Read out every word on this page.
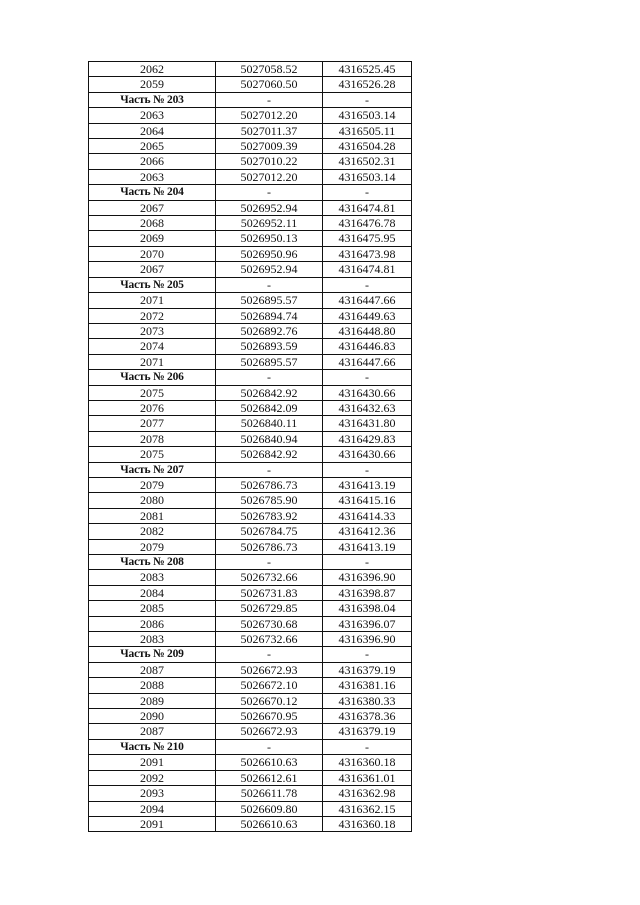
2062	5027058.52	4316525.45
2059	5027060.50	4316526.28
Часть № 203	-	-
2063	5027012.20	4316503.14
2064	5027011.37	4316505.11
2065	5027009.39	4316504.28
2066	5027010.22	4316502.31
2063	5027012.20	4316503.14
Часть № 204	-	-
2067	5026952.94	4316474.81
2068	5026952.11	4316476.78
2069	5026950.13	4316475.95
2070	5026950.96	4316473.98
2067	5026952.94	4316474.81
Часть № 205	-	-
2071	5026895.57	4316447.66
2072	5026894.74	4316449.63
2073	5026892.76	4316448.80
2074	5026893.59	4316446.83
2071	5026895.57	4316447.66
Часть № 206	-	-
2075	5026842.92	4316430.66
2076	5026842.09	4316432.63
2077	5026840.11	4316431.80
2078	5026840.94	4316429.83
2075	5026842.92	4316430.66
Часть № 207	-	-
2079	5026786.73	4316413.19
2080	5026785.90	4316415.16
2081	5026783.92	4316414.33
2082	5026784.75	4316412.36
2079	5026786.73	4316413.19
Часть № 208	-	-
2083	5026732.66	4316396.90
2084	5026731.83	4316398.87
2085	5026729.85	4316398.04
2086	5026730.68	4316396.07
2083	5026732.66	4316396.90
Часть № 209	-	-
2087	5026672.93	4316379.19
2088	5026672.10	4316381.16
2089	5026670.12	4316380.33
2090	5026670.95	4316378.36
2087	5026672.93	4316379.19
Часть № 210	-	-
2091	5026610.63	4316360.18
2092	5026612.61	4316361.01
2093	5026611.78	4316362.98
2094	5026609.80	4316362.15
2091	5026610.63	4316360.18
